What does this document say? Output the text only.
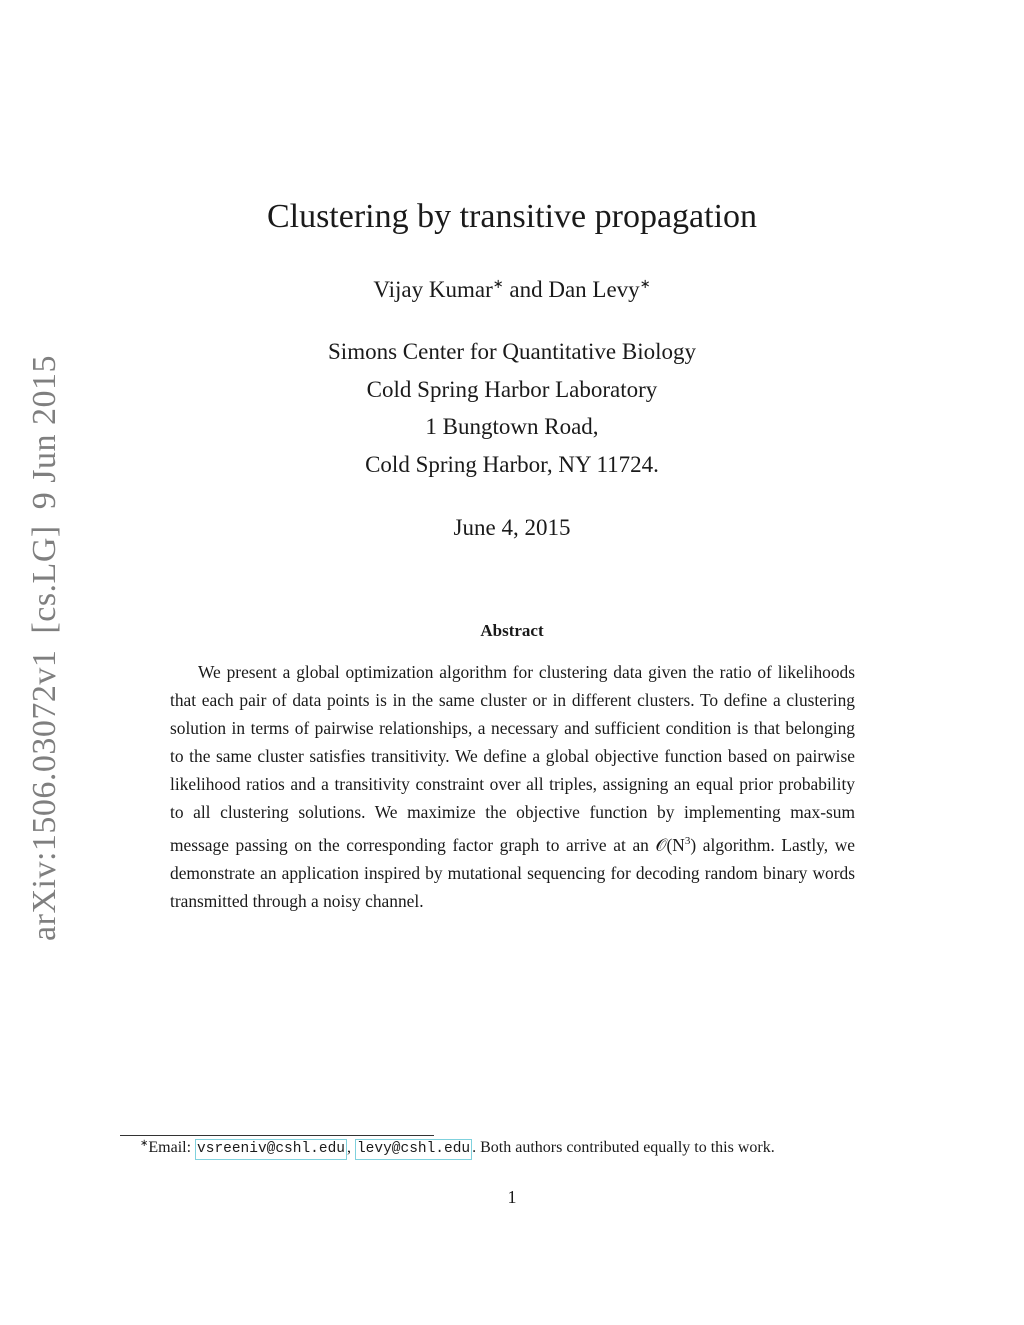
arXiv:1506.03072v1[cs.LG]9 Jun 2015
Clustering by transitive propagation
Vijay Kumar∗ and Dan Levy∗
Simons Center for Quantitative Biology
Cold Spring Harbor Laboratory
1 Bungtown Road,
Cold Spring Harbor, NY 11724.
June 4, 2015
Abstract
We present a global optimization algorithm for clustering data given the ratio of likelihoods that each pair of data points is in the same cluster or in different clusters. To define a clustering solution in terms of pairwise relationships, a necessary and sufficient condition is that belonging to the same cluster satisfies transitivity. We define a global objective function based on pairwise likelihood ratios and a transitivity constraint over all triples, assigning an equal prior probability to all clustering solutions. We maximize the objective function by implementing max-sum message passing on the corresponding factor graph to arrive at an $𝒪(N^3)$ algorithm. Lastly, we demonstrate an application inspired by mutational sequencing for decoding random binary words transmitted through a noisy channel.
∗Email: vsreeniv@cshl.edu , levy@cshl.edu . Both authors contributed equally to this work.
1
